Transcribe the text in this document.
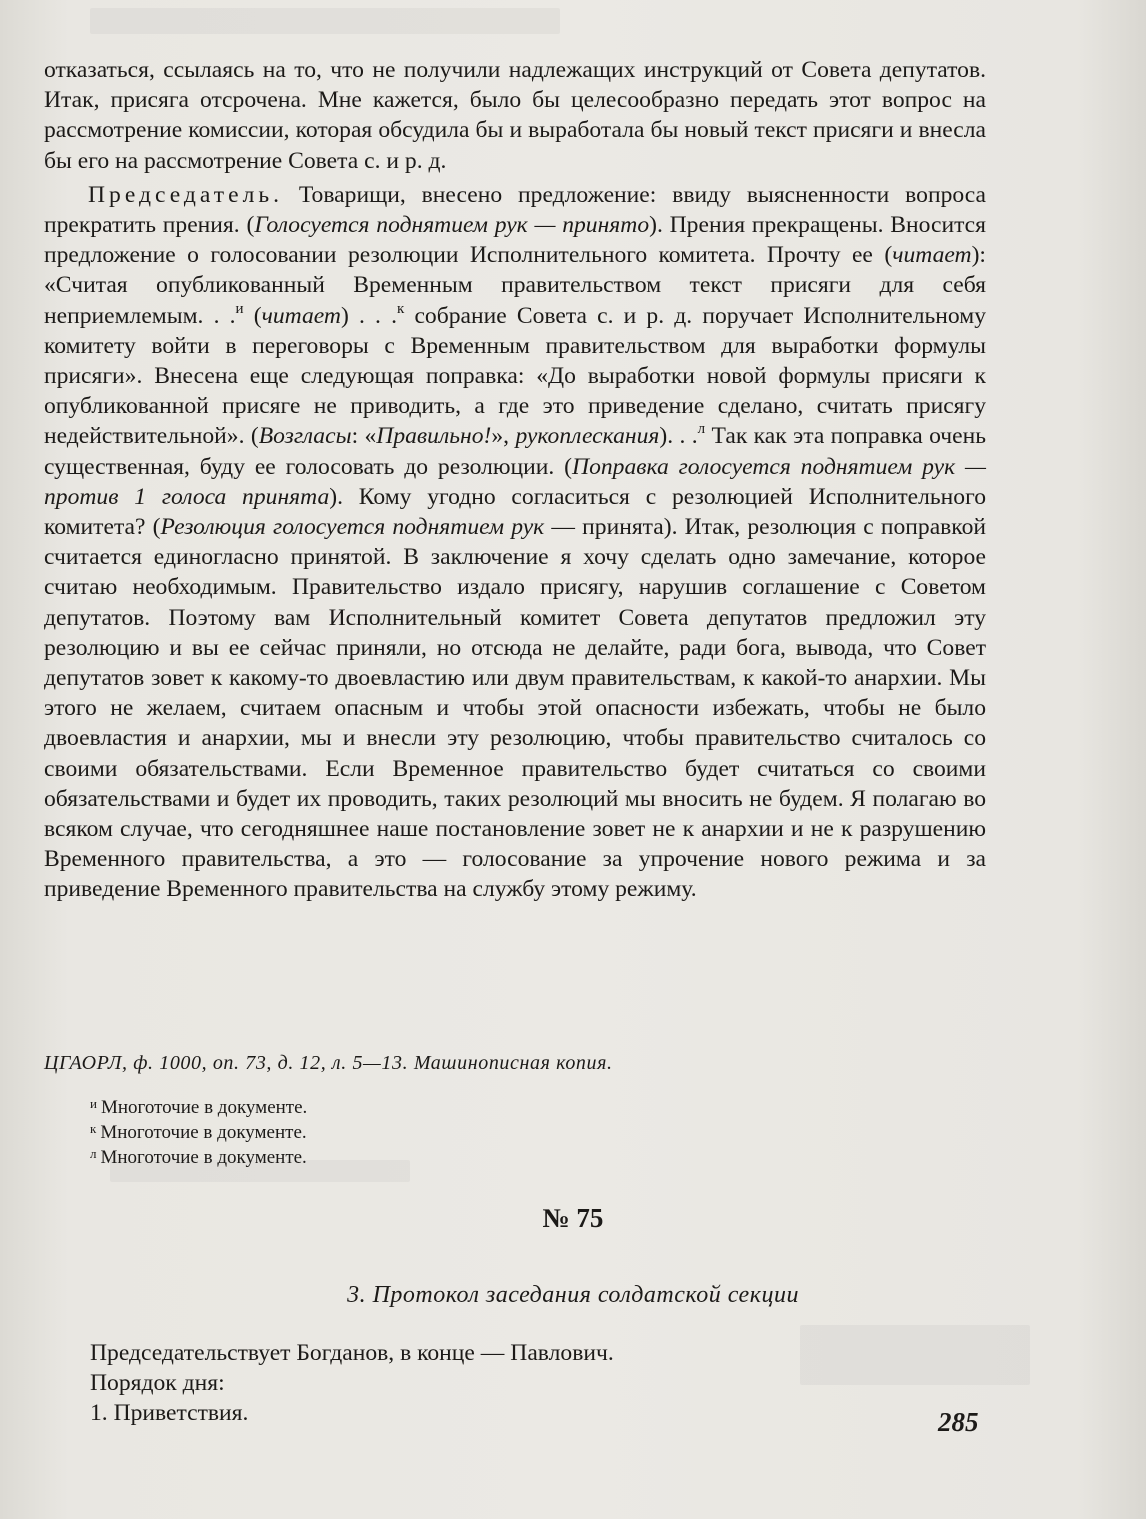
отказаться, ссылаясь на то, что не получили надлежащих инструкций от Совета депутатов. Итак, присяга отсрочена. Мне кажется, было бы целесообразно передать этот вопрос на рассмотрение комиссии, которая обсудила бы и выработала бы новый текст присяги и внесла бы его на рассмотрение Совета с. и р. д.

Председатель. Товарищи, внесено предложение: ввиду выясненности вопроса прекратить прения. (Голосуется поднятием рук — принято). Прения прекращены. Вносится предложение о голосовании резолюции Исполнительного комитета. Прочту ее (читает): «Считая опубликованный Временным правительством текст присяги для себя неприемлемым. . .$^и$ (читает) . . .$^к$ собрание Совета с. и р. д. поручает Исполнительному комитету войти в переговоры с Временным правительством для выработки формулы присяги». Внесена еще следующая поправка: «До выработки новой формулы присяги к опубликованной присяге не приводить, а где это приведение сделано, считать присягу недействительной». (Возгласы: «Правильно!», рукоплескания). . .$^л$ Так как эта поправка очень существенная, буду ее голосовать до резолюции. (Поправка голосуется поднятием рук — против 1 голоса принята). Кому угодно согласиться с резолюцией Исполнительного комитета? (Резолюция голосуется поднятием рук — принята). Итак, резолюция с поправкой считается единогласно принятой. В заключение я хочу сделать одно замечание, которое считаю необходимым. Правительство издало присягу, нарушив соглашение с Советом депутатов. Поэтому вам Исполнительный комитет Совета депутатов предложил эту резолюцию и вы ее сейчас приняли, но отсюда не делайте, ради бога, вывода, что Совет депутатов зовет к какому-то двоевластию или двум правительствам, к какой-то анархии. Мы этого не желаем, считаем опасным и чтобы этой опасности избежать, чтобы не было двоевластия и анархии, мы и внесли эту резолюцию, чтобы правительство считалось со своими обязательствами. Если Временное правительство будет считаться со своими обязательствами и будет их проводить, таких резолюций мы вносить не будем. Я полагаю во всяком случае, что сегодняшнее наше постановление зовет не к анархии и не к разрушению Временного правительства, а это — голосование за упрочение нового режима и за приведение Временного правительства на службу этому режиму.

ЦГАОРЛ, ф. 1000, оп. 73, д. 12, л. 5—13. Машинописная копия.
$^и$ Многоточие в документе.
$^к$ Многоточие в документе.
$^л$ Многоточие в документе.
№ 75
3. Протокол заседания солдатской секции
Председательствует Богданов, в конце — Павлович.
Порядок дня:
1. Приветствия.	285
